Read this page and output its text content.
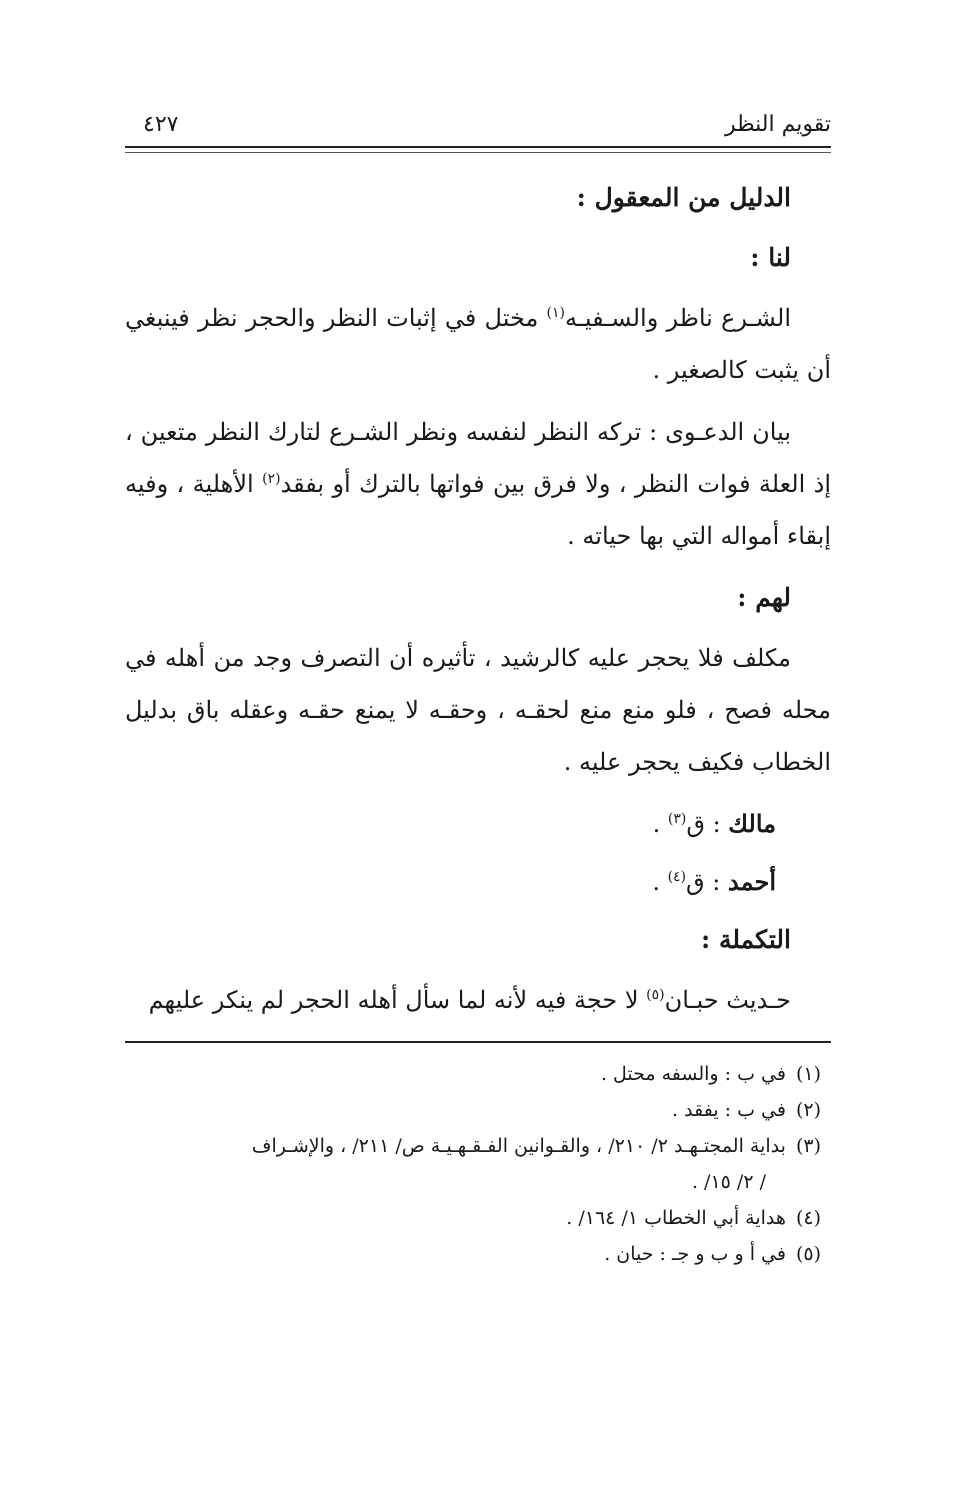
تقويم النظر
٤٢٧
الدليل من المعقول :
لنا :

الشـرع ناظر والسـفيـه$^{(١)}$ مختل في إثبات النظر والحجر نظر فينبغي أن يثبت كالصغير .

بيان الدعـوى : تركه النظر لنفسه ونظر الشـرع لتارك النظر متعين ، إذ العلة فوات النظر ، ولا فرق بين فواتها بالترك أو بفقد$^{(٢)}$ الأهلية ، وفيه إبقاء أمواله التي بها حياته .

لهم :

مكلف فلا يحجر عليه كالرشيد ، تأثيره أن التصرف وجد من أهله في محله فصح ، فلو منع منع لحقـه ، وحقـه لا يمنع حقـه وعقله باق بدليل الخطاب فكيف يحجر عليه .

مالك : ق$^{(٣)}$ .
أحمد : ق$^{(٤)}$ .
التكملة :

حـديث حبـان$^{(٥)}$ لا حجة فيه لأنه لما سأل أهله الحجر لم ينكر عليهم

(١)في ب : والسفه محتل .
(٢)في ب : يفقد .
(٣)بداية المجتـهـد ٢/ ٢١٠/ ، والقـوانين الفـقـهـيـة ص/ ٢١١/ ، والإشـراف
/ ٢/ ١٥/ .
(٤)هداية أبي الخطاب ١/ ١٦٤/ .
(٥)في أ و ب و جـ : حيان .
